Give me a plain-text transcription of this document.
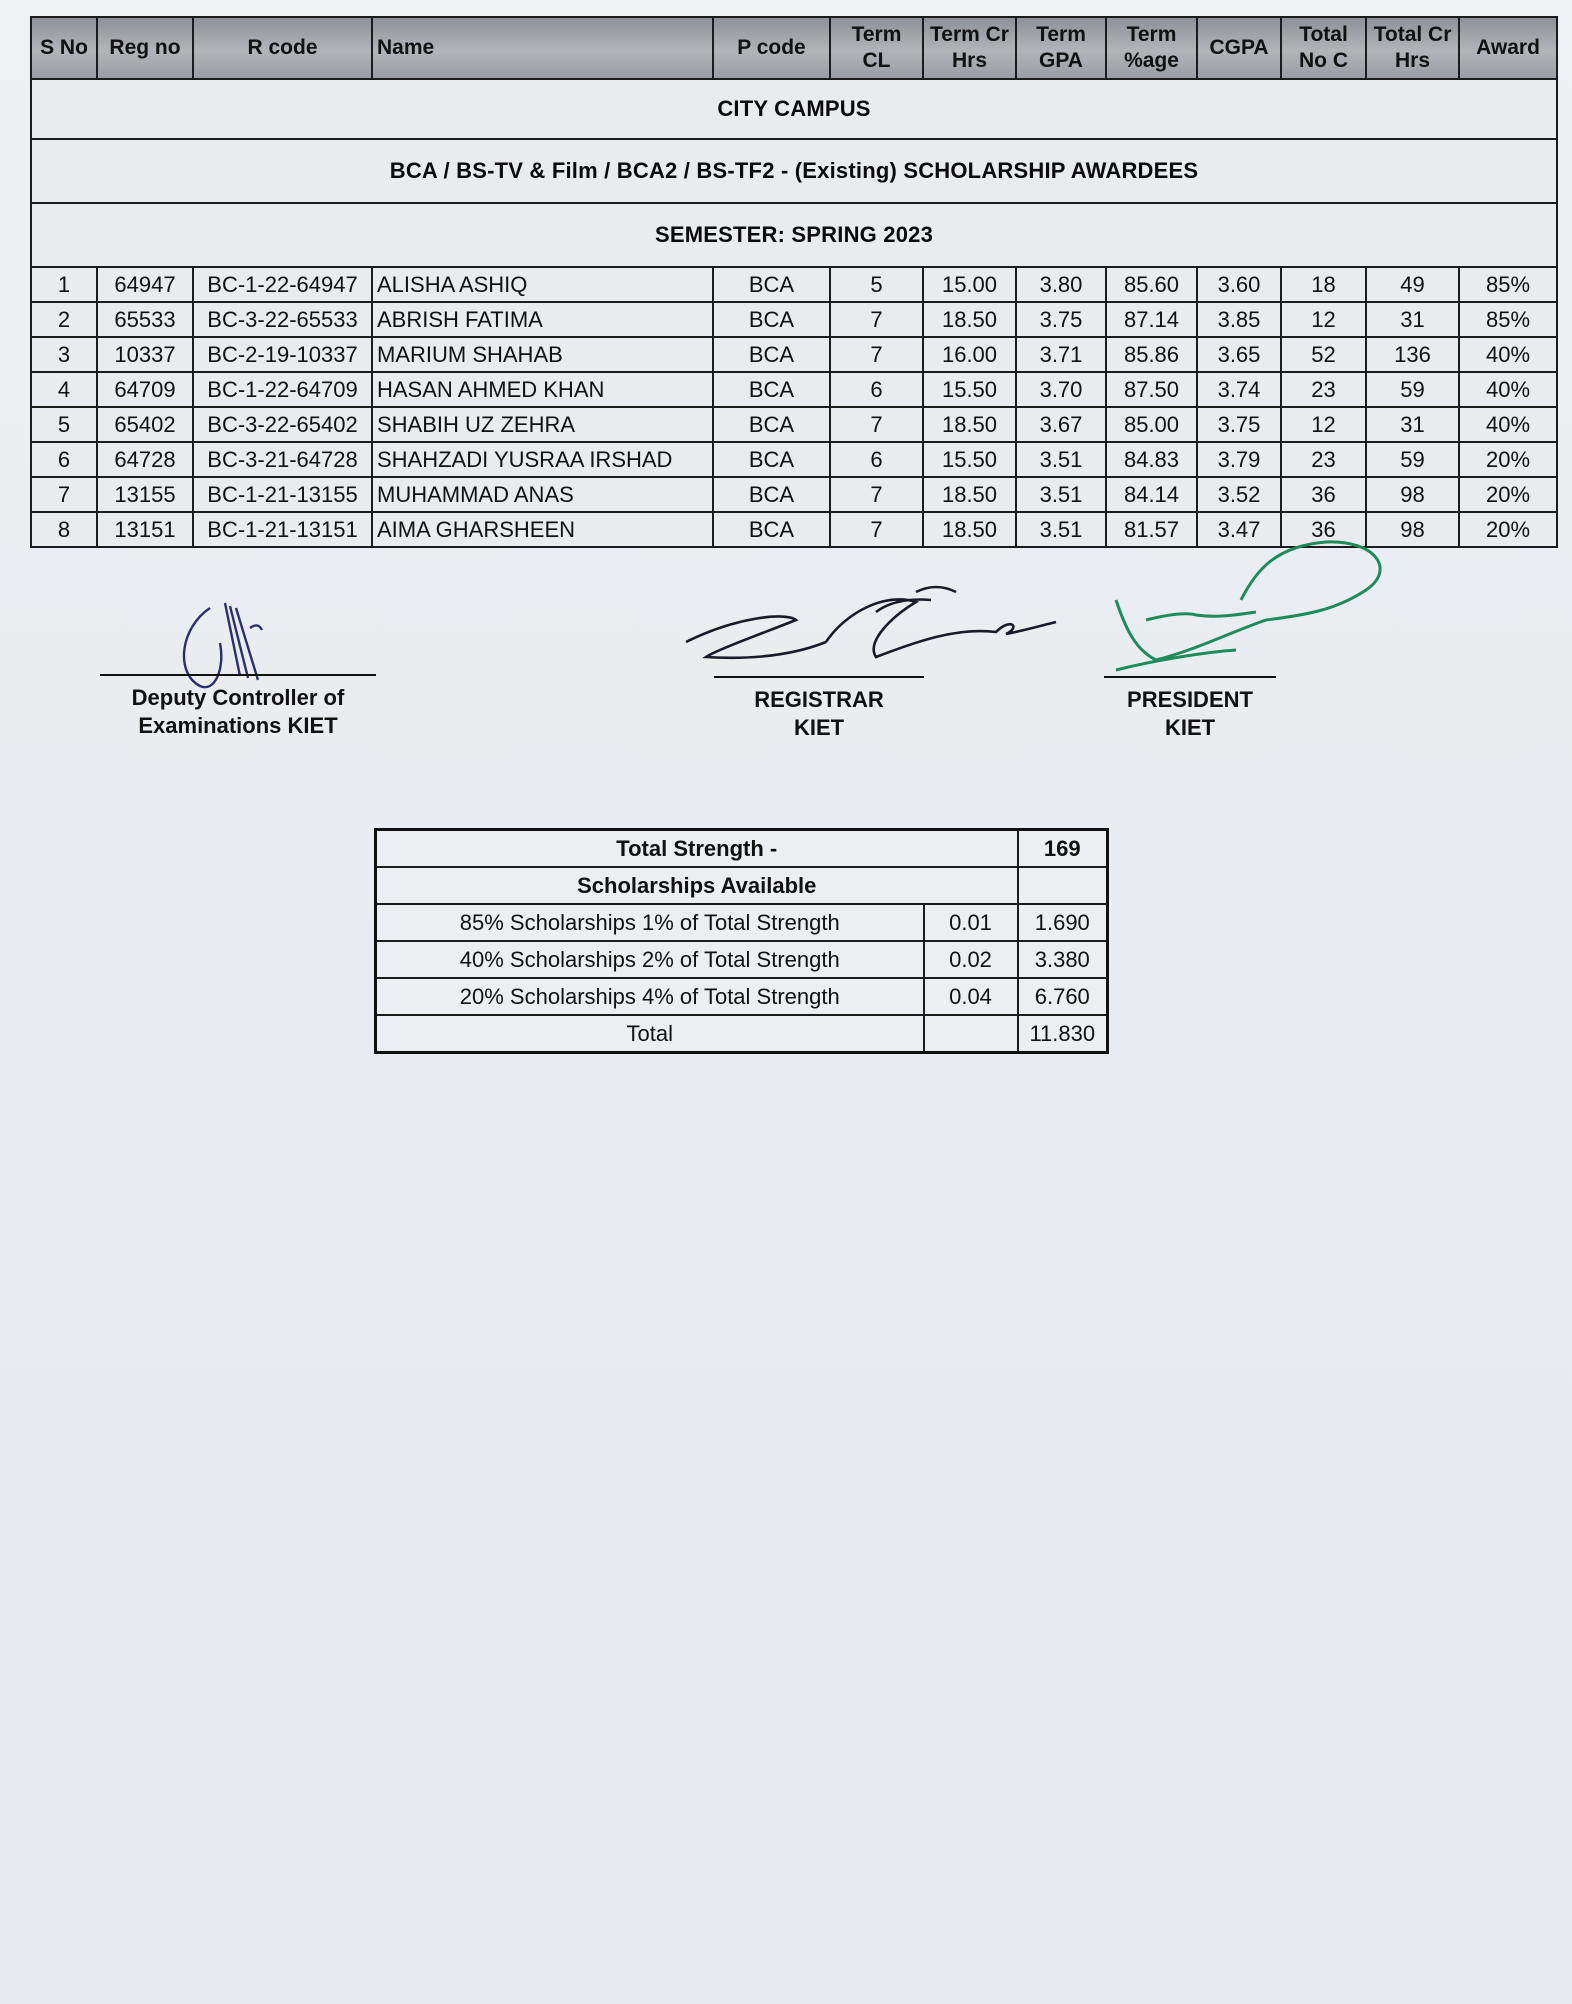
CITY CAMPUS												
BCA / BS-TV & Film / BCA2 / BS-TF2 - (Existing) SCHOLARSHIP AWARDEES												
SEMESTER: SPRING 2023												
S No	Reg no	R code	Name	P code	Term CL	Term Cr Hrs	Term GPA	Term %age	CGPA	Total No C	Total Cr Hrs	Award
1	64947	BC-1-22-64947	ALISHA ASHIQ	BCA	5	15.00	3.80	85.60	3.60	18	49	85%
2	65533	BC-3-22-65533	ABRISH FATIMA	BCA	7	18.50	3.75	87.14	3.85	12	31	85%
3	10337	BC-2-19-10337	MARIUM SHAHAB	BCA	7	16.00	3.71	85.86	3.65	52	136	40%
4	64709	BC-1-22-64709	HASAN AHMED KHAN	BCA	6	15.50	3.70	87.50	3.74	23	59	40%
5	65402	BC-3-22-65402	SHABIH UZ ZEHRA	BCA	7	18.50	3.67	85.00	3.75	12	31	40%
6	64728	BC-3-21-64728	SHAHZADI YUSRAA IRSHAD	BCA	6	15.50	3.51	84.83	3.79	23	59	20%
7	13155	BC-1-21-13155	MUHAMMAD ANAS	BCA	7	18.50	3.51	84.14	3.52	36	98	20%
8	13151	BC-1-21-13151	AIMA GHARSHEEN	BCA	7	18.50	3.51	81.57	3.47	36	98	20%
Deputy Controller of
Examinations KIET
REGISTRAR
KIET
PRESIDENT
KIET
Total Strength -		169
Scholarships Available		
85% Scholarships 1% of Total Strength	0.01	1.690
40% Scholarships 2% of Total Strength	0.02	3.380
20% Scholarships 4% of Total Strength	0.04	6.760
Total		11.830
